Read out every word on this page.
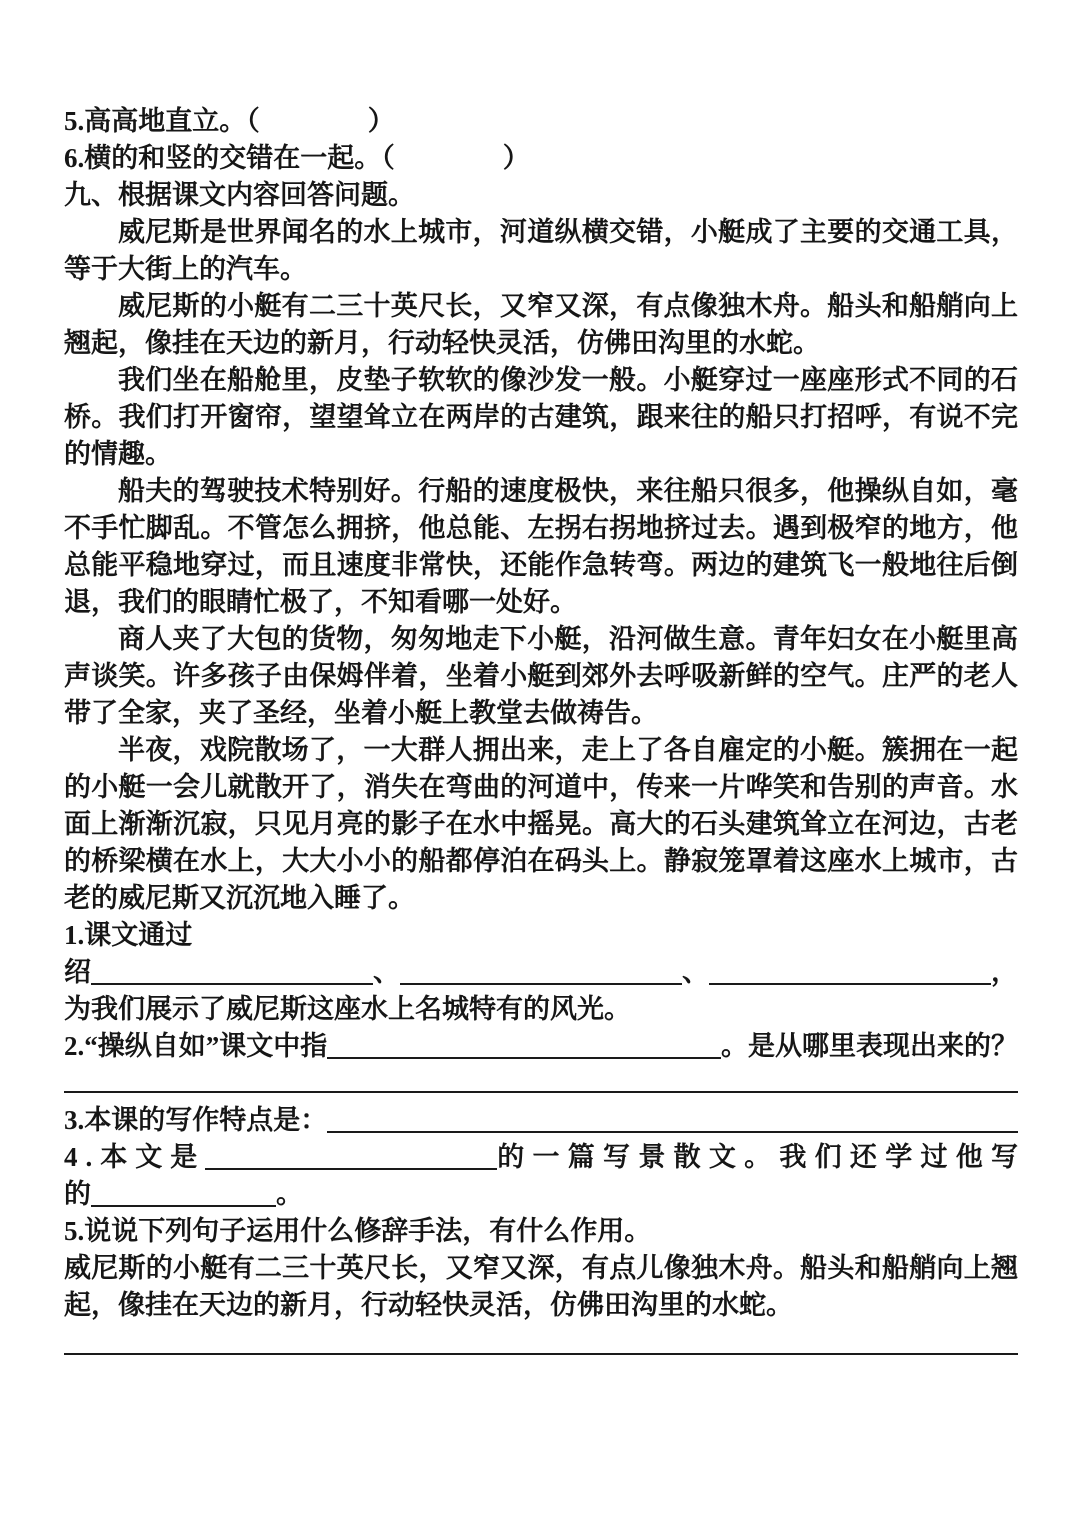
5.高高地直立。（　　　　）

6.横的和竖的交错在一起。（　　　　）

九、根据课文内容回答问题。

威尼斯是世界闻名的水上城市，河道纵横交错，小艇成了主要的交通工具，等于大街上的汽车。

威尼斯的小艇有二三十英尺长，又窄又深，有点像独木舟。船头和船艄向上翘起，像挂在天边的新月，行动轻快灵活，仿佛田沟里的水蛇。

我们坐在船舱里，皮垫子软软的像沙发一般。小艇穿过一座座形式不同的石桥。我们打开窗帘，望望耸立在两岸的古建筑，跟来往的船只打招呼，有说不完的情趣。

船夫的驾驶技术特别好。行船的速度极快，来往船只很多，他操纵自如，毫不手忙脚乱。不管怎么拥挤，他总能、左拐右拐地挤过去。遇到极窄的地方，他总能平稳地穿过，而且速度非常快，还能作急转弯。两边的建筑飞一般地往后倒退，我们的眼睛忙极了，不知看哪一处好。

商人夹了大包的货物，匆匆地走下小艇，沿河做生意。青年妇女在小艇里高声谈笑。许多孩子由保姆伴着，坐着小艇到郊外去呼吸新鲜的空气。庄严的老人带了全家，夹了圣经，坐着小艇上教堂去做祷告。

半夜，戏院散场了，一大群人拥出来，走上了各自雇定的小艇。簇拥在一起的小艇一会儿就散开了，消失在弯曲的河道中，传来一片哗笑和告别的声音。水面上渐渐沉寂，只见月亮的影子在水中摇晃。高大的石头建筑耸立在河边，古老的桥梁横在水上，大大小小的船都停泊在码头上。静寂笼罩着这座水上城市，古老的威尼斯又沉沉地入睡了。

1.课文通过

绍	、	、	，

为我们展示了威尼斯这座水上名城特有的风光。

2.“操纵自如”课文中指	。是从哪里表现出来的？
3.本课的写作特点是：
4.本文是	的一篇写景散文。我们还学过他写
的	。

5.说说下列句子运用什么修辞手法，有什么作用。

威尼斯的小艇有二三十英尺长，又窄又深，有点儿像独木舟。船头和船艄向上翘起，像挂在天边的新月，行动轻快灵活，仿佛田沟里的水蛇。
